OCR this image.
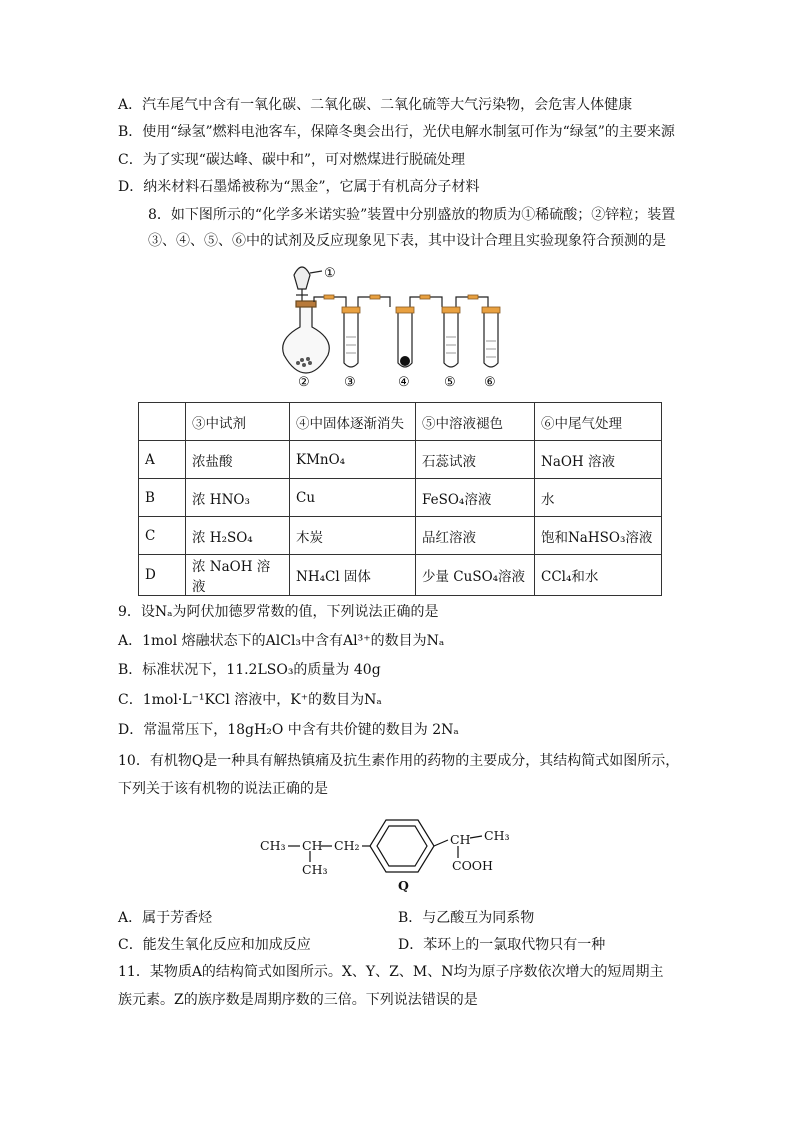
A．汽车尾气中含有一氧化碳、二氧化碳、二氧化硫等大气污染物，会危害人体健康
B．使用“绿氢”燃料电池客车，保障冬奥会出行，光伏电解水制氢可作为“绿氢”的主要来源
C．为了实现“碳达峰、碳中和”，可对燃煤进行脱硫处理
D．纳米材料石墨烯被称为“黑金”，它属于有机高分子材料
8．如下图所示的“化学多米诺实验”装置中分别盛放的物质为①稀硫酸；②锌粒；装置
③、④、⑤、⑥中的试剂及反应现象见下表，其中设计合理且实验现象符合预测的是
①
②	③	④	⑤ ⑥
	③中试剂	④中固体逐渐消失	⑤中溶液褪色	⑥中尾气处理
A	浓盐酸	KMnO₄	石蕊试液	NaOH 溶液
B	浓 HNO₃	Cu	FeSO₄溶液	水
C	浓 H₂SO₄	木炭	品红溶液	饱和NaHSO₃溶液
D	浓 NaOH 溶液	NH₄Cl 固体	少量 CuSO₄溶液	CCl₄和水
9．设Nₐ为阿伏加德罗常数的值，下列说法正确的是
A．1mol 熔融状态下的AlCl₃中含有Al³⁺的数目为Nₐ
B．标准状况下，11.2LSO₃的质量为 40g
C．1mol·L⁻¹KCl 溶液中，K⁺的数目为Nₐ
D．常温常压下，18gH₂O 中含有共价键的数目为 2Nₐ
10．有机物Q是一种具有解热镇痛及抗生素作用的药物的主要成分，其结构简式如图所示，
下列关于该有机物的说法正确的是
CH₃ CH CH₂
CH₃
CH CH₃
COOH
Q
A．属于芳香烃	B．与乙酸互为同系物
C．能发生氧化反应和加成反应	D．苯环上的一氯取代物只有一种
11．某物质A的结构简式如图所示。X、Y、Z、M、N均为原子序数依次增大的短周期主
族元素。Z的族序数是周期序数的三倍。下列说法错误的是
